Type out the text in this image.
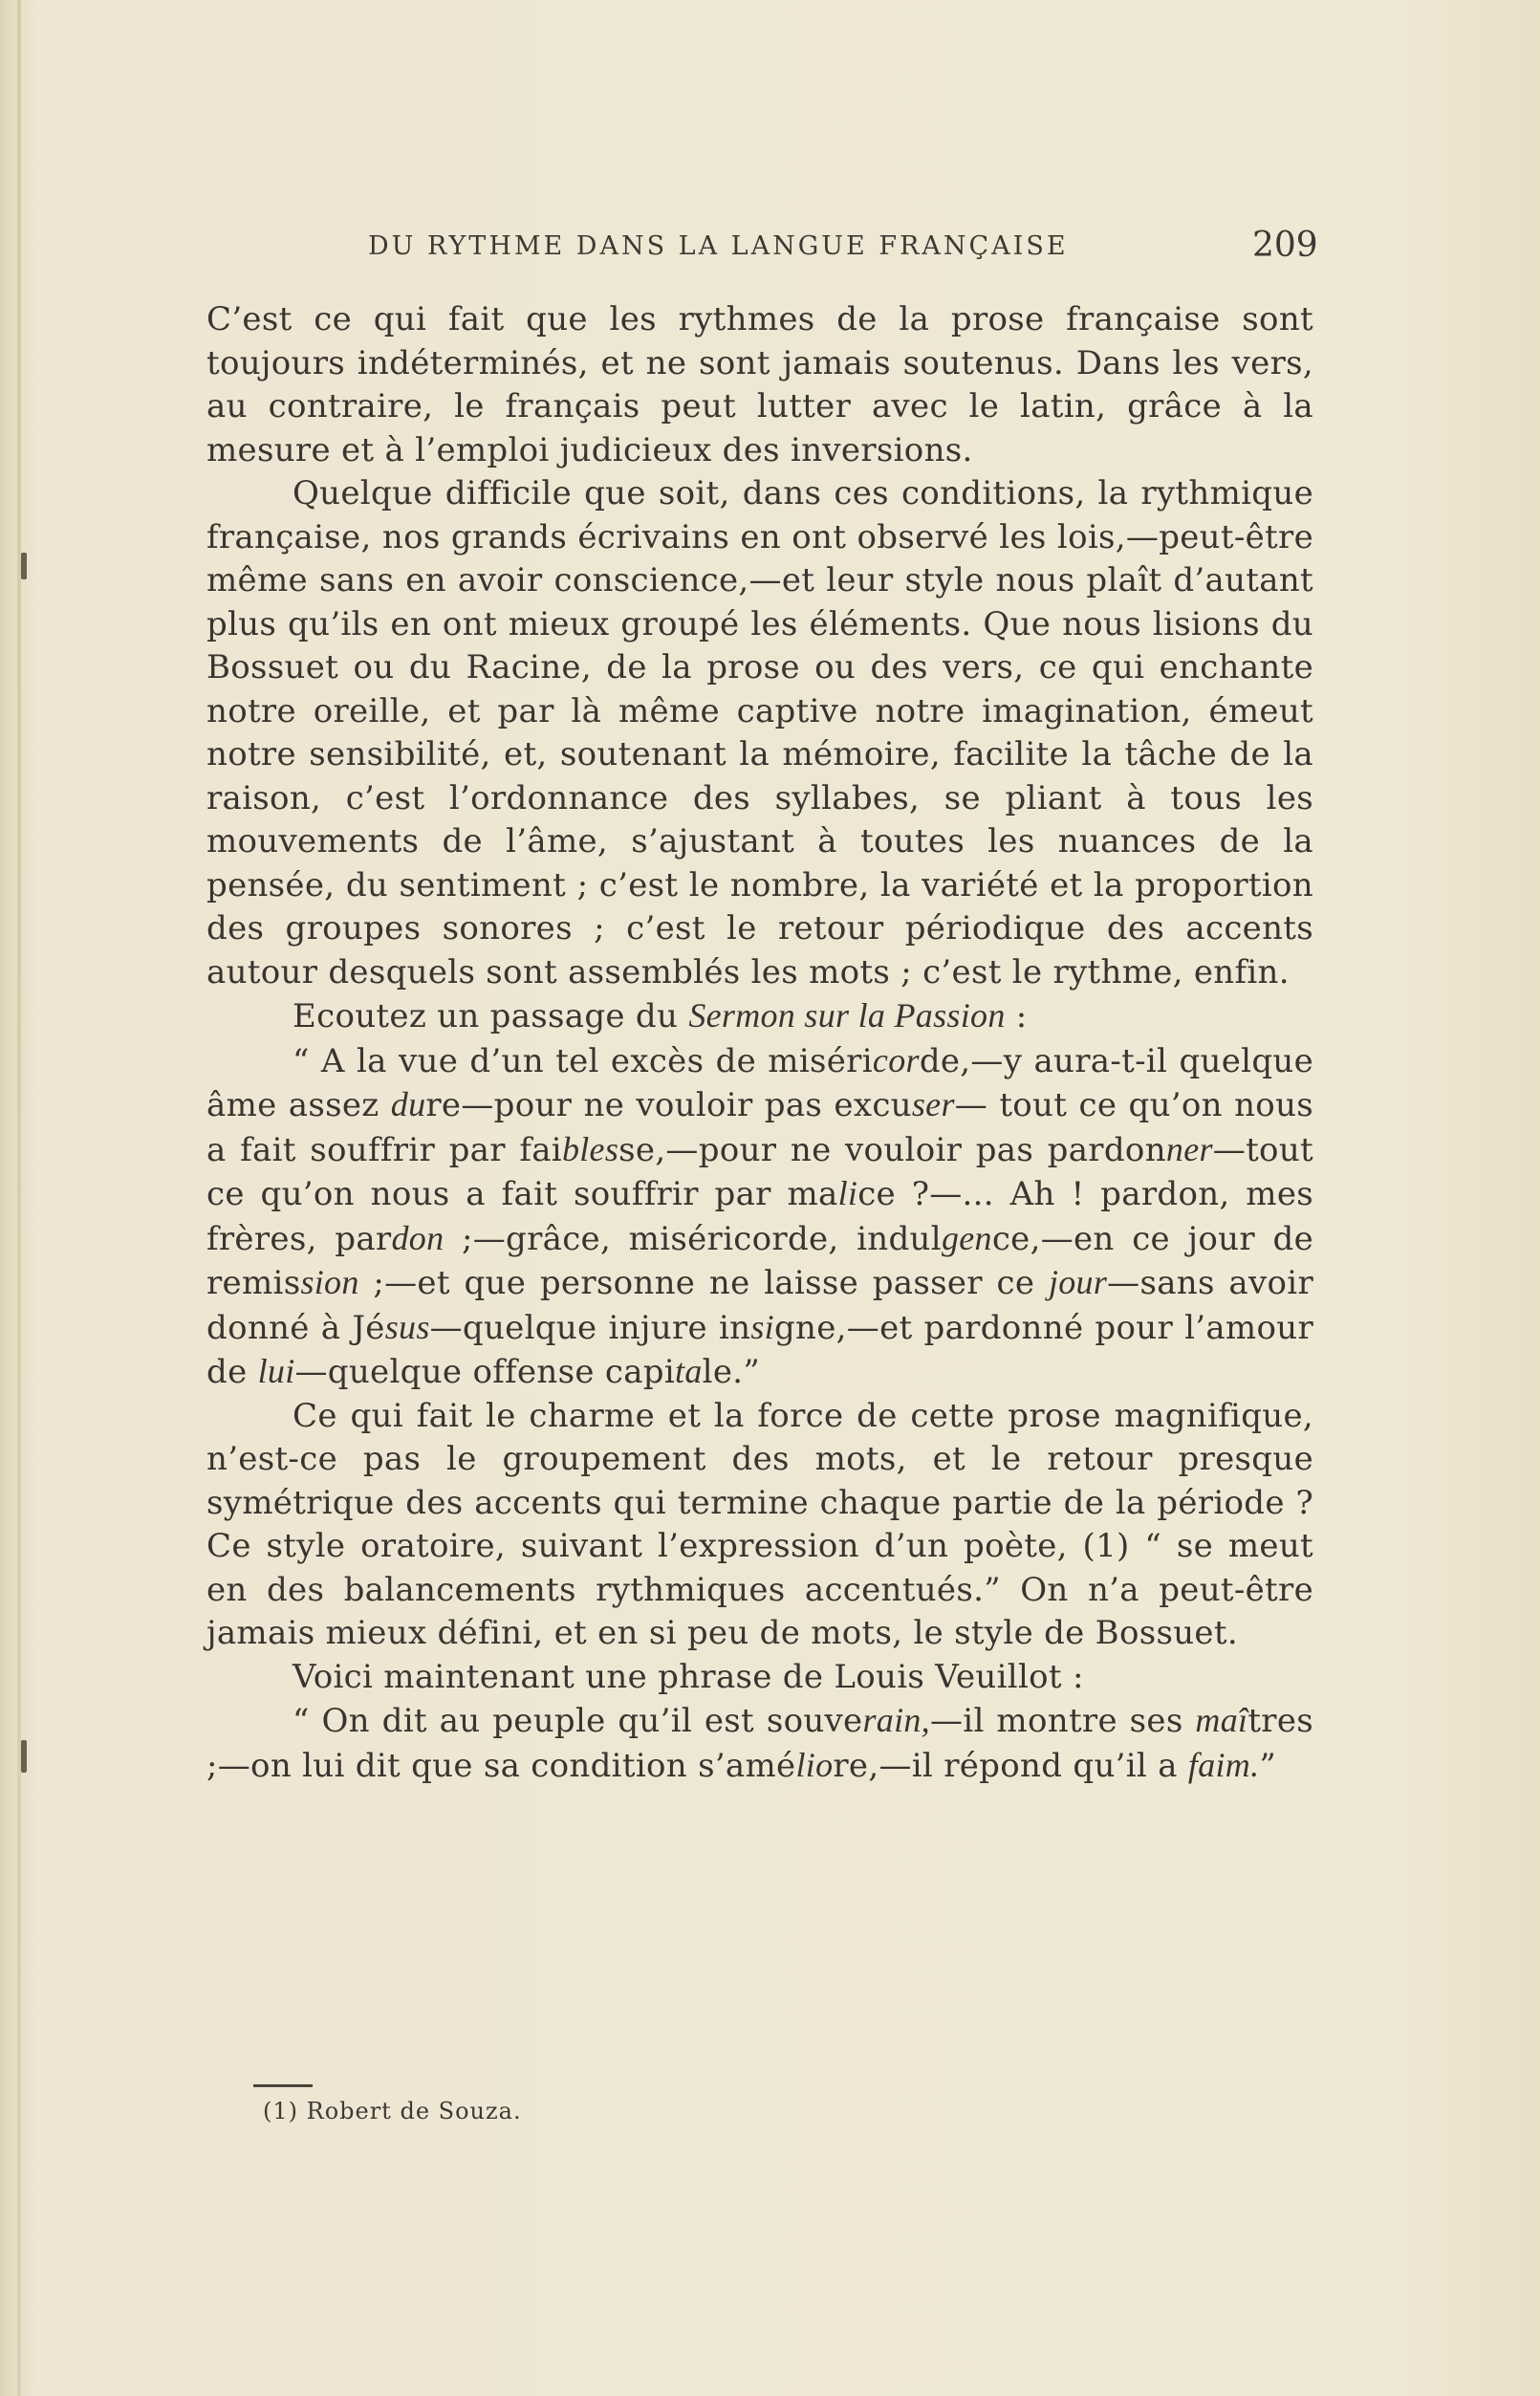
DU RYTHME DANS LA LANGUE FRANÇAISE	209

C’est ce qui fait que les rythmes de la prose française sont toujours indéterminés, et ne sont jamais soutenus. Dans les vers, au contraire, le français peut lutter avec le latin, grâce à la mesure et à l’emploi judicieux des inversions.

Quelque difficile que soit, dans ces conditions, la rythmique française, nos grands écrivains en ont observé les lois,—peut-être même sans en avoir conscience,—et leur style nous plaît d’autant plus qu’ils en ont mieux groupé les éléments. Que nous lisions du Bossuet ou du Racine, de la prose ou des vers, ce qui enchante notre oreille, et par là même captive notre imagination, émeut notre sensibilité, et, soutenant la mémoire, facilite la tâche de la raison, c’est l’ordonnance des syllabes, se pliant à tous les mouvements de l’âme, s’ajustant à toutes les nuances de la pensée, du sentiment ; c’est le nombre, la variété et la proportion des groupes sonores ; c’est le retour périodique des accents autour desquels sont assemblés les mots ; c’est le rythme, enfin.

Ecoutez un passage du Sermon sur la Passion :

“ A la vue d’un tel excès de miséricorde,—y aura-t-il quelque âme assez dure—pour ne vouloir pas excuser— tout ce qu’on nous a fait souffrir par faiblesse,—pour ne vouloir pas pardonner—tout ce qu’on nous a fait souffrir par malice ?—... Ah ! pardon, mes frères, pardon ;—grâce, miséricorde, indulgence,—en ce jour de remission ;—et que personne ne laisse passer ce jour—sans avoir donné à Jésus—quelque injure insigne,—et pardonné pour l’amour de lui—quelque offense capitale.”

Ce qui fait le charme et la force de cette prose magnifique, n’est-ce pas le groupement des mots, et le retour presque symétrique des accents qui termine chaque partie de la période ? Ce style oratoire, suivant l’expression d’un poète, (1) “ se meut en des balancements rythmiques accentués.” On n’a peut-être jamais mieux défini, et en si peu de mots, le style de Bossuet.

Voici maintenant une phrase de Louis Veuillot :

“ On dit au peuple qu’il est souverain,—il montre ses maîtres ;—on lui dit que sa condition s’améliore,—il répond qu’il a faim.”

(1) Robert de Souza.
